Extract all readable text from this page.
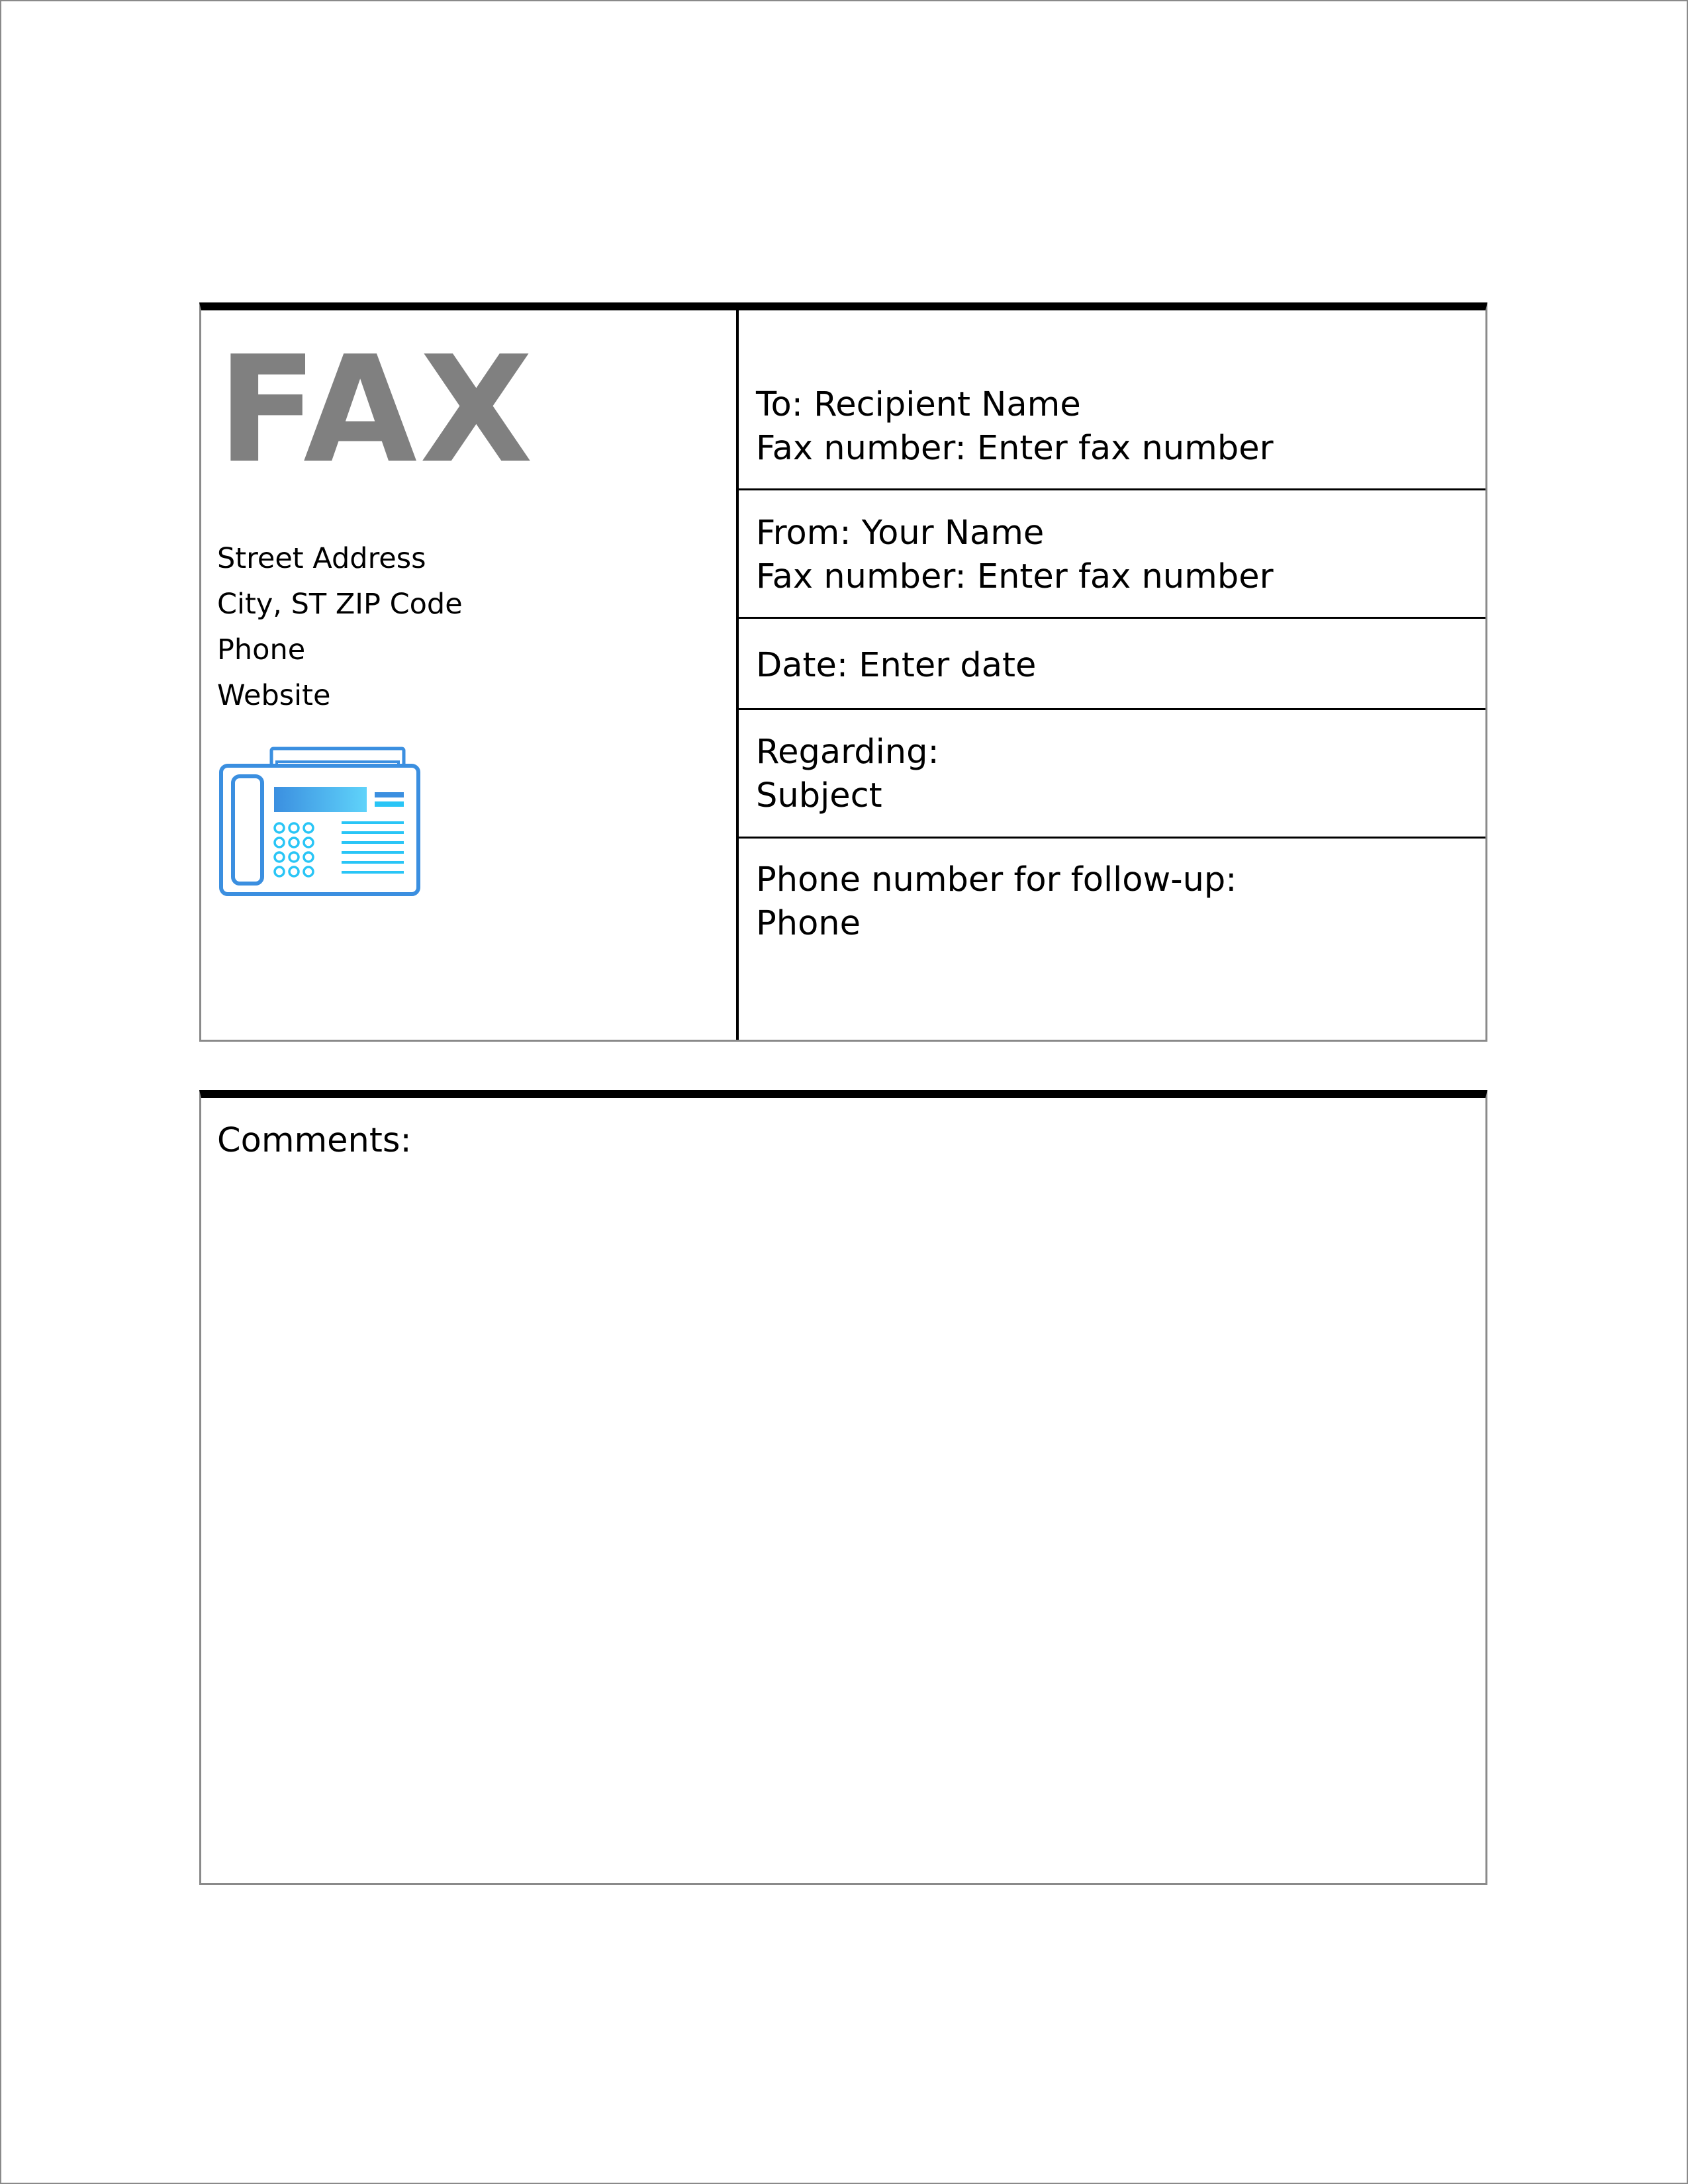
FAX
Street Address
City, ST ZIP Code
Phone
Website
To: Recipient Name
Fax number: Enter fax number
From: Your Name
Fax number: Enter fax number
Date: Enter date
Regarding:
Subject
Phone number for follow-up:
Phone
Comments:
